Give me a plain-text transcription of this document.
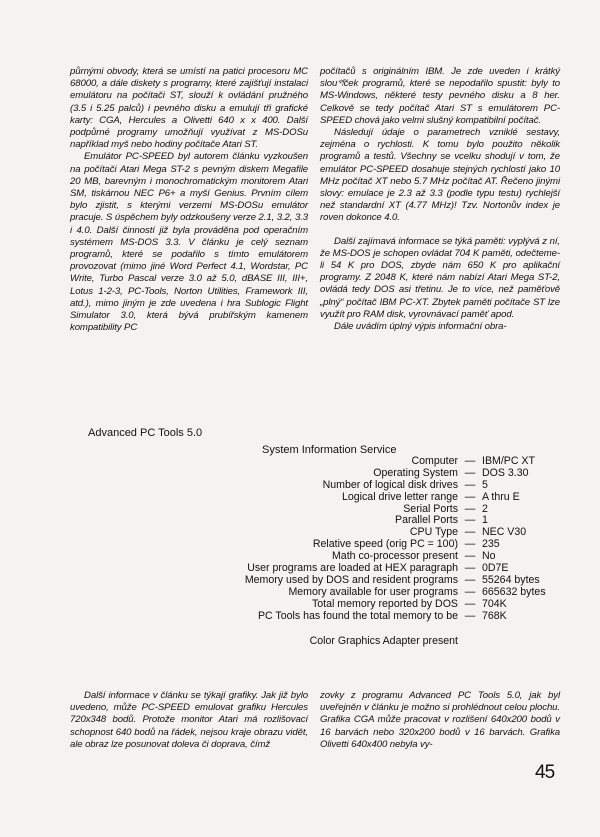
půrnými obvody, která se umístí na patici procesoru MC 68000, a dále diskety s programy, které zajišťují instalaci emulátoru na počítači ST, slouží k ovládání pružného (3.5 i 5.25 palců) i pevného disku a emulují tři grafické karty: CGA, Hercules a Olivetti 640 x x 400. Další podpůrné programy umožňují využívat z MS-DOSu například myš nebo hodiny počítače Atari ST.

Emulátor PC-SPEED byl autorem článku vyzkoušen na počítači Atari Mega ST-2 s pevným diskem Megafile 20 MB, barevným i monochromatickým monitorem Atari SM, tiskárnou NEC P6+ a myší Genius. Prvním cílem bylo zjistit, s kterými verzemi MS-DOSu emulátor pracuje. S úspěchem byly odzkoušeny verze 2.1, 3.2, 3.3 i 4.0. Další činností již byla prováděna pod operačním systémem MS-DOS 3.3. V článku je celý seznam programů, které se podařilo s tímto emulátorem provozovat (mimo jiné Word Perfect 4.1, Wordstar, PC Write, Turbo Pascal verze 3.0 až 5.0, dBASE III, III+, Lotus 1-2-3, PC-Tools, Norton Utilities, Framework III, atd.), mimo jiným je zde uvedena i hra Sublogic Flight Simulator 3.0, která bývá prubířským kamenem kompatibility PC

počítačů s originálním IBM. Je zde uveden i krátký slouপček programů, které se nepodařilo spustit: byly to MS-Windows, některé testy pevného disku a 8 her. Celkově se tedy počítač Atari ST s emulátorem PC-SPEED chová jako velmi slušný kompatibilní počítač.

Následují údaje o parametrech vzniklé sestavy, zejména o rychlosti. K tomu bylo použito několik programů a testů. Všechny se vcelku shodují v tom, že emulátor PC-SPEED dosahuje stejných rychlostí jako 10 MHz počítač XT nebo 5.7 MHz počítač AT. Řečeno jinými slovy: emulace je 2.3 až 3.3 (podle typu testu) rychlejší než standardní XT (4.77 MHz)! Tzv. Nortonův index je roven dokonce 4.0.

Další zajímavá informace se týká paměti: vyplývá z ní, že MS-DOS je schopen ovládat 704 K paměti, odečteme-li 54 K pro DOS, zbyde nám 650 K pro aplikační programy. Z 2048 K, které nám nabízí Atari Mega ST-2, ovládá tedy DOS asi třetinu. Je to více, než paměťově „plný“ počítač IBM PC-XT. Zbytek paměti počítače ST lze využít pro RAM disk, vyrovnávací paměť apod.

Dále uvádím úplný výpis informační obra-

Advanced PC Tools 5.0
System Information Service
Computer — IBM/PC XT
Operating System — DOS 3.30
Number of logical disk drives — 5
Logical drive letter range — A thru E
Serial Ports — 2
Parallel Ports — 1
CPU Type — NEC V30
Relative speed (orig PC = 100) — 235
Math co-processor present — No
User programs are loaded at HEX paragraph — 0D7E
Memory used by DOS and resident programs — 55264 bytes
Memory available for user programs — 665632 bytes
Total memory reported by DOS — 704K
PC Tools has found the total memory to be — 768K
Color Graphics Adapter present

Další informace v článku se týkají grafiky. Jak již bylo uvedeno, může PC-SPEED emulovat grafiku Hercules 720x348 bodů. Protože monitor Atari má rozlišovací schopnost 640 bodů na řádek, nejsou kraje obrazu vidět, ale obraz lze posunovat doleva či doprava, čímž

zovky z programu Advanced PC Tools 5.0, jak byl uveřejněn v článku je možno si prohlédnout celou plochu. Grafika CGA může pracovat v rozlišení 640x200 bodů v 16 barvách nebo 320x200 bodů v 16 barvách. Grafika Olivetti 640x400 nebyla vy-

45
